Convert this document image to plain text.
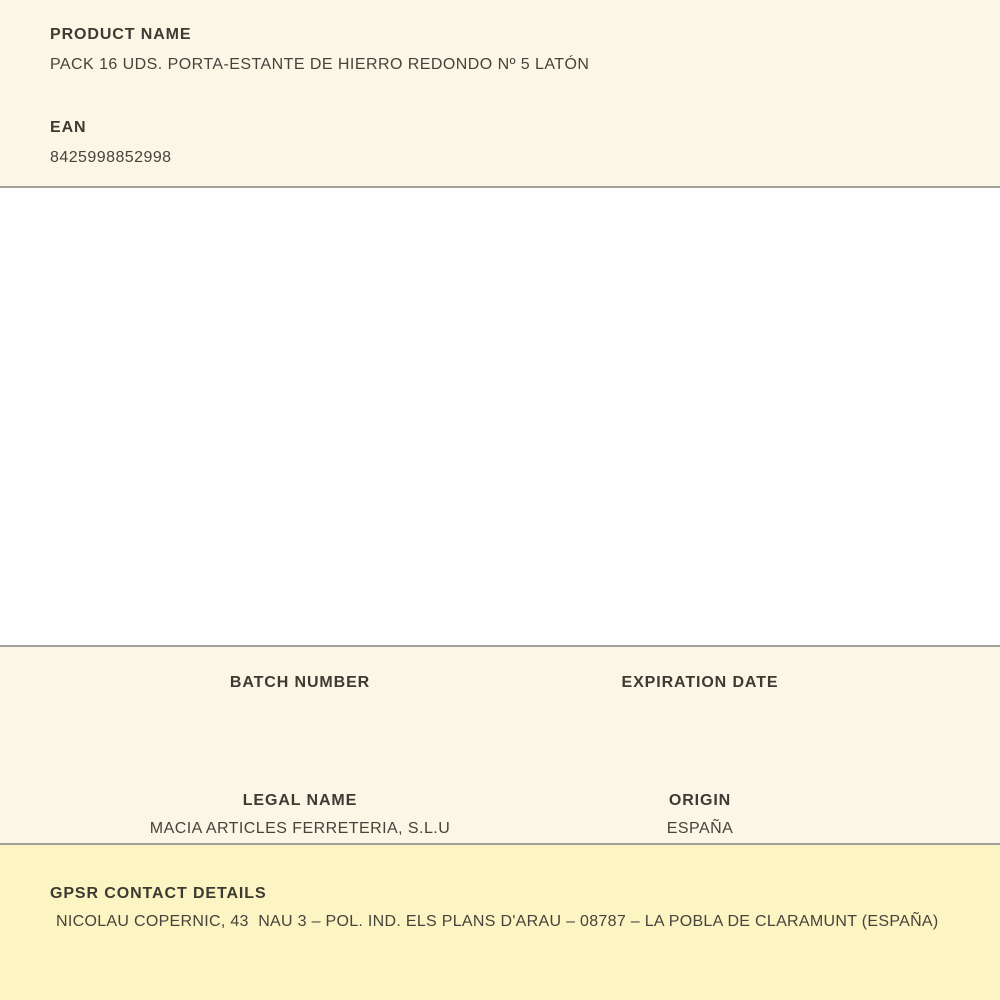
PRODUCT NAME
PACK 16 UDS. PORTA-ESTANTE DE HIERRO REDONDO Nº 5 LATÓN
EAN
8425998852998
BATCH NUMBER	EXPIRATION DATE
LEGAL NAME
MACIA ARTICLES FERRETERIA, S.L.U
ORIGIN
ESPAÑA
GPSR CONTACT DETAILS
NICOLAU COPERNIC, 43  NAU 3 – POL. IND. ELS PLANS D'ARAU – 08787 – LA POBLA DE CLARAMUNT (ESPAÑA)
